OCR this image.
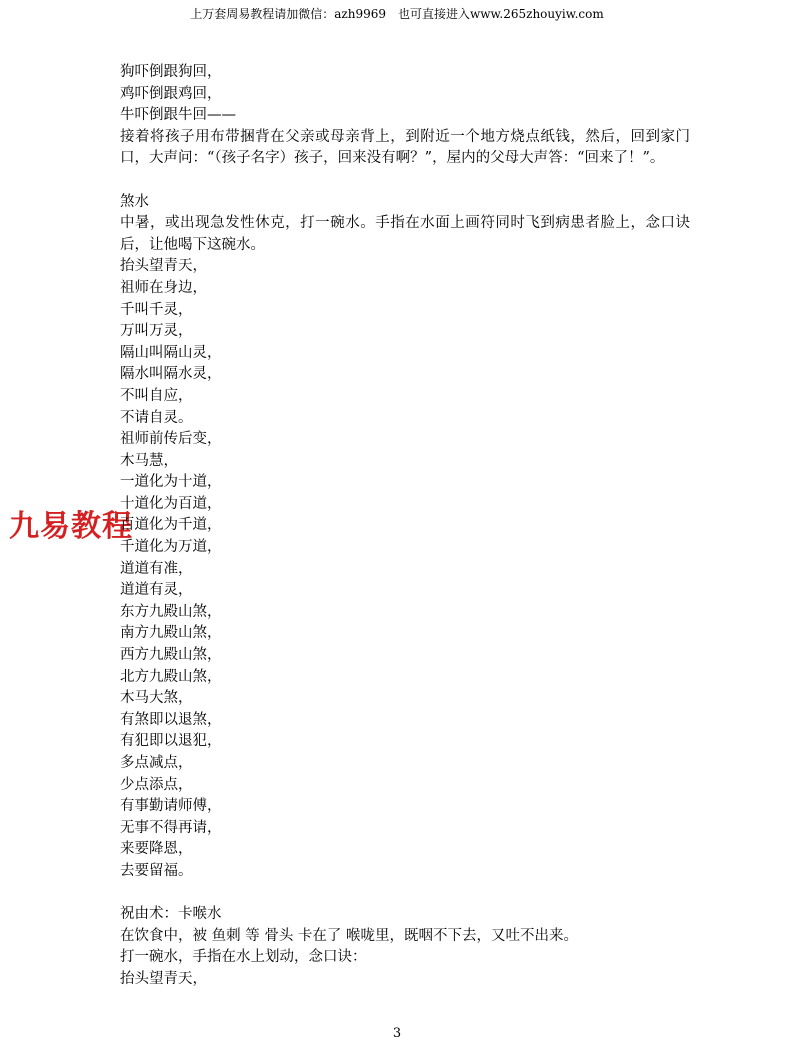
上万套周易教程请加微信：azh9969　也可直接进入www.265zhouyiw.com
九易教程
狗吓倒跟狗回，
鸡吓倒跟鸡回，
牛吓倒跟牛回——
接着将孩子用布带捆背在父亲或母亲背上，到附近一个地方烧点纸钱，然后，回到家门口，大声问：“（孩子名字）孩子，回来没有啊？”，屋内的父母大声答：“回来了！”。
煞水
中暑，或出现急发性休克，打一碗水。手指在水面上画符同时飞到病患者脸上，念口诀后，让他喝下这碗水。
抬头望青天，
祖师在身边，
千叫千灵，
万叫万灵，
隔山叫隔山灵，
隔水叫隔水灵，
不叫自应，
不请自灵。
祖师前传后变，
木马慧，
一道化为十道，
十道化为百道，
百道化为千道，
千道化为万道，
道道有准，
道道有灵，
东方九殿山煞，
南方九殿山煞，
西方九殿山煞，
北方九殿山煞，
木马大煞，
有煞即以退煞，
有犯即以退犯，
多点减点，
少点添点，
有事勤请师傅，
无事不得再请，
来要降恩，
去要留福。
祝由术：卡喉水
在饮食中，被 鱼刺 等 骨头 卡在了 喉咙里，既咽不下去，又吐不出来。
打一碗水，手指在水上划动，念口诀：
抬头望青天，
3
